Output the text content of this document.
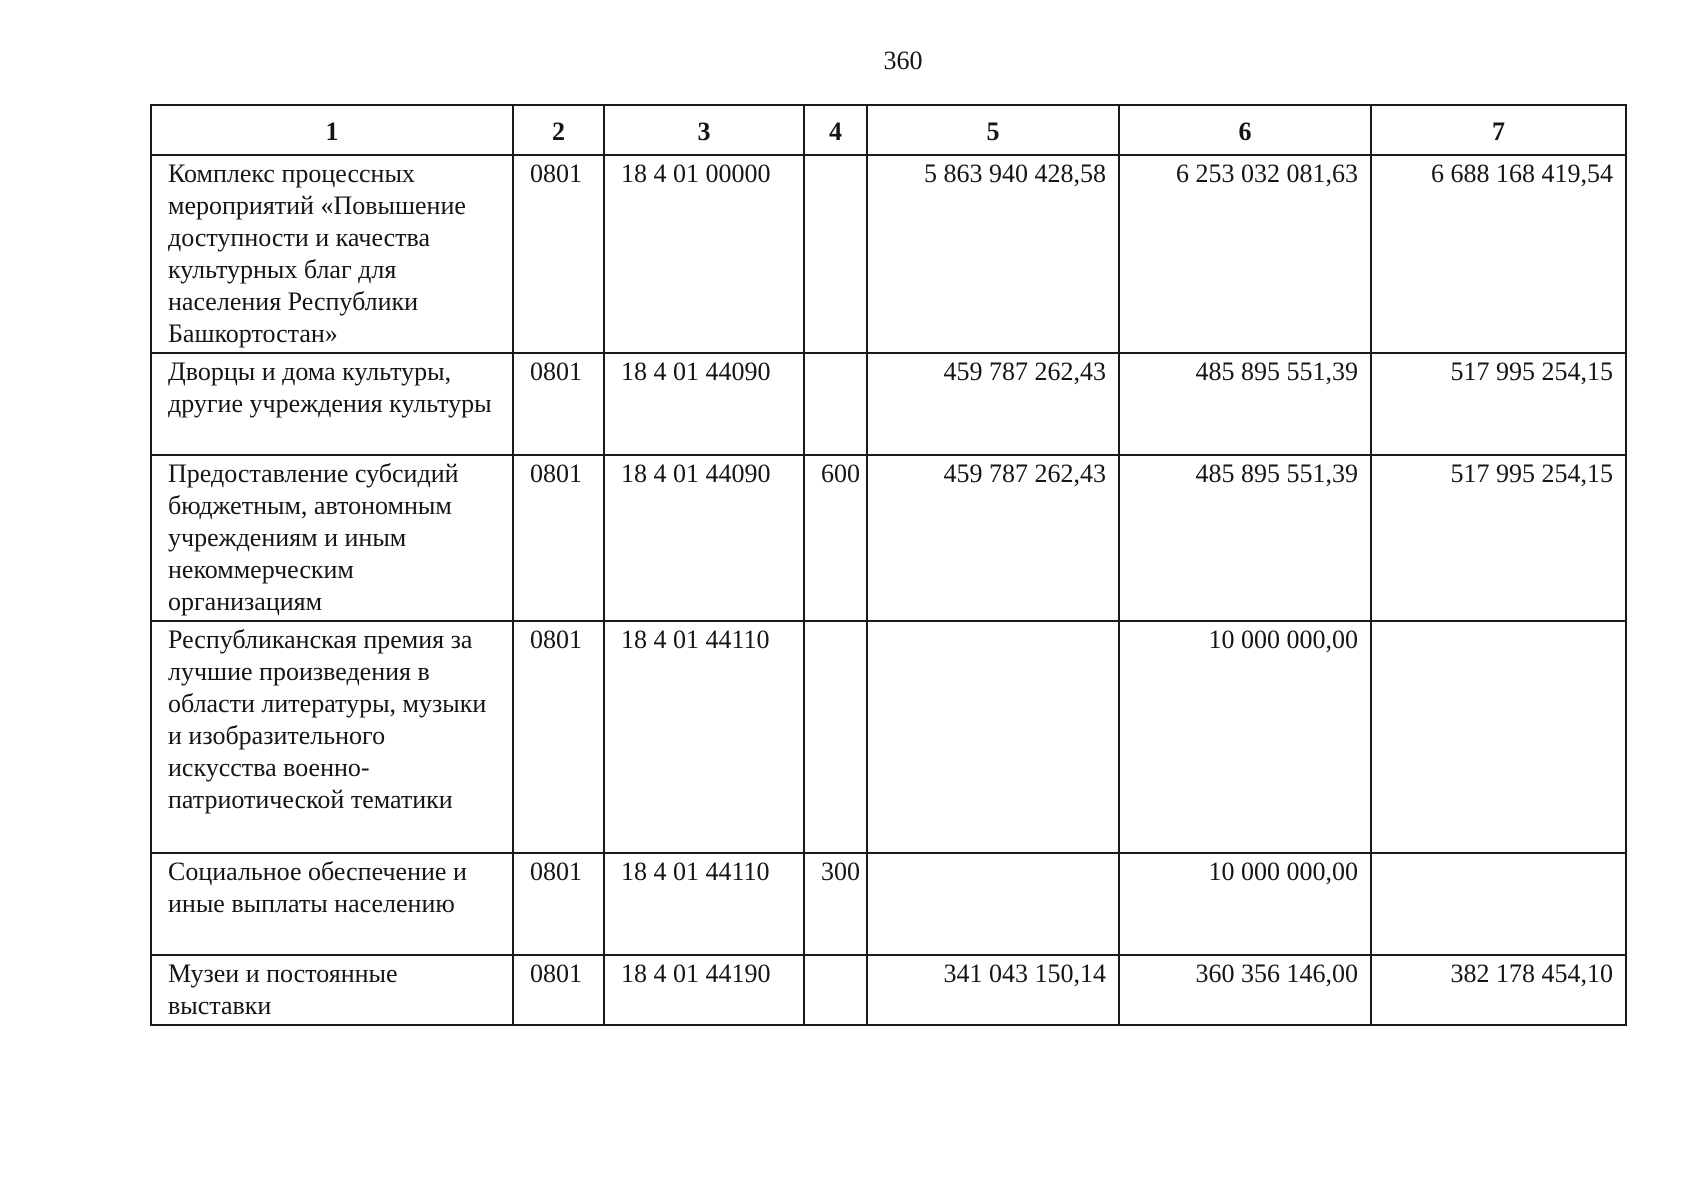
360
1	2	3	4	5	6	7
Комплекс процессных мероприятий «Повышение доступности и качества культурных благ для населения Республики Башкортостан»	0801	18 4 01 00000		5 863 940 428,58	6 253 032 081,63	6 688 168 419,54
Дворцы и дома культуры, другие учреждения культуры	0801	18 4 01 44090		459 787 262,43	485 895 551,39	517 995 254,15
Предоставление субсидий бюджетным, автономным учреждениям и иным некоммерческим организациям	0801	18 4 01 44090	600	459 787 262,43	485 895 551,39	517 995 254,15
Республиканская премия за лучшие произведения в области литературы, музыки и изобразительного искусства военно-патриотической тематики	0801	18 4 01 44110			10 000 000,00	
Социальное обеспечение и иные выплаты населению	0801	18 4 01 44110	300		10 000 000,00	
Музеи и постоянные выставки	0801	18 4 01 44190		341 043 150,14	360 356 146,00	382 178 454,10
